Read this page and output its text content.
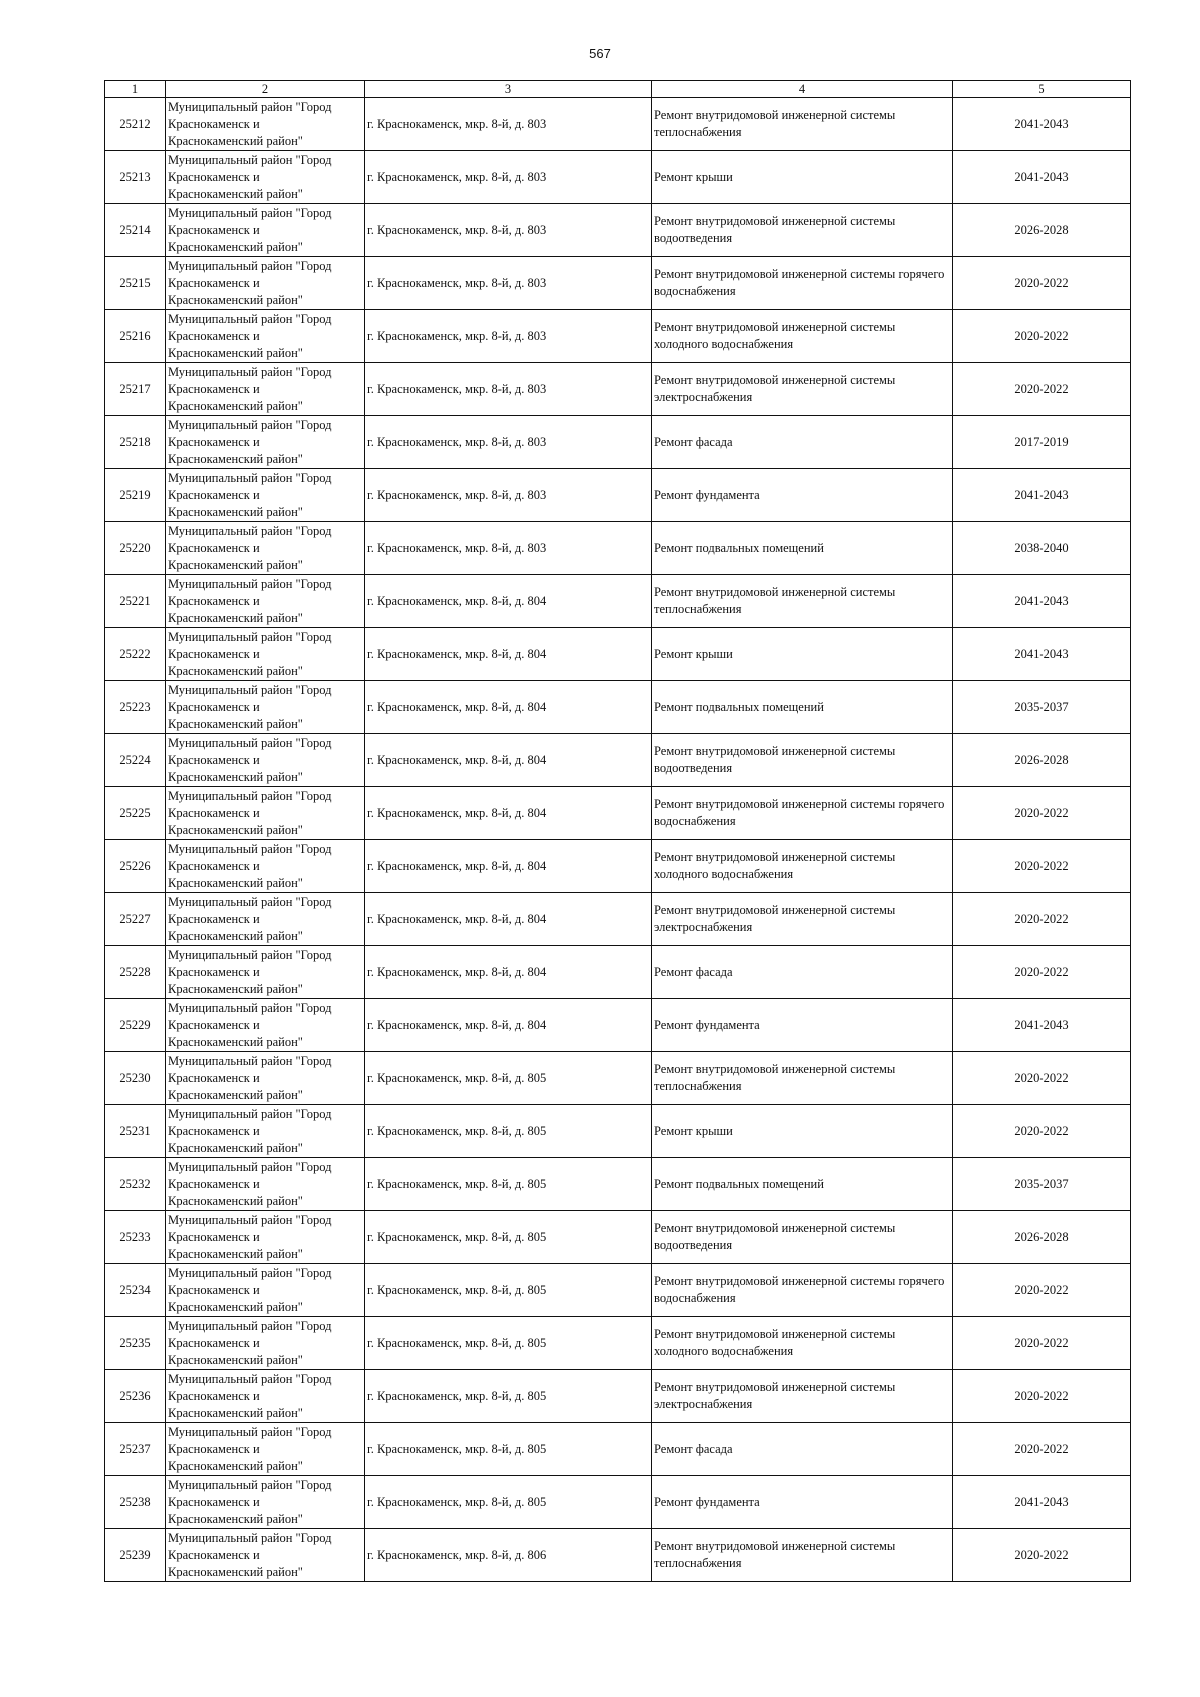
567
1	2	3	4	5
25212	Муниципальный район "Город
Краснокаменск и
Краснокаменский район"	г. Краснокаменск, мкр. 8-й, д. 803	Ремонт внутридомовой инженерной системы теплоснабжения	2041-2043
25213	Муниципальный район "Город
Краснокаменск и
Краснокаменский район"	г. Краснокаменск, мкр. 8-й, д. 803	Ремонт крыши	2041-2043
25214	Муниципальный район "Город
Краснокаменск и
Краснокаменский район"	г. Краснокаменск, мкр. 8-й, д. 803	Ремонт внутридомовой инженерной системы водоотведения	2026-2028
25215	Муниципальный район "Город
Краснокаменск и
Краснокаменский район"	г. Краснокаменск, мкр. 8-й, д. 803	Ремонт внутридомовой инженерной системы горячего водоснабжения	2020-2022
25216	Муниципальный район "Город
Краснокаменск и
Краснокаменский район"	г. Краснокаменск, мкр. 8-й, д. 803	Ремонт внутридомовой инженерной системы холодного водоснабжения	2020-2022
25217	Муниципальный район "Город
Краснокаменск и
Краснокаменский район"	г. Краснокаменск, мкр. 8-й, д. 803	Ремонт внутридомовой инженерной системы электроснабжения	2020-2022
25218	Муниципальный район "Город
Краснокаменск и
Краснокаменский район"	г. Краснокаменск, мкр. 8-й, д. 803	Ремонт фасада	2017-2019
25219	Муниципальный район "Город
Краснокаменск и
Краснокаменский район"	г. Краснокаменск, мкр. 8-й, д. 803	Ремонт фундамента	2041-2043
25220	Муниципальный район "Город
Краснокаменск и
Краснокаменский район"	г. Краснокаменск, мкр. 8-й, д. 803	Ремонт подвальных помещений	2038-2040
25221	Муниципальный район "Город
Краснокаменск и
Краснокаменский район"	г. Краснокаменск, мкр. 8-й, д. 804	Ремонт внутридомовой инженерной системы теплоснабжения	2041-2043
25222	Муниципальный район "Город
Краснокаменск и
Краснокаменский район"	г. Краснокаменск, мкр. 8-й, д. 804	Ремонт крыши	2041-2043
25223	Муниципальный район "Город
Краснокаменск и
Краснокаменский район"	г. Краснокаменск, мкр. 8-й, д. 804	Ремонт подвальных помещений	2035-2037
25224	Муниципальный район "Город
Краснокаменск и
Краснокаменский район"	г. Краснокаменск, мкр. 8-й, д. 804	Ремонт внутридомовой инженерной системы водоотведения	2026-2028
25225	Муниципальный район "Город
Краснокаменск и
Краснокаменский район"	г. Краснокаменск, мкр. 8-й, д. 804	Ремонт внутридомовой инженерной системы горячего водоснабжения	2020-2022
25226	Муниципальный район "Город
Краснокаменск и
Краснокаменский район"	г. Краснокаменск, мкр. 8-й, д. 804	Ремонт внутридомовой инженерной системы холодного водоснабжения	2020-2022
25227	Муниципальный район "Город
Краснокаменск и
Краснокаменский район"	г. Краснокаменск, мкр. 8-й, д. 804	Ремонт внутридомовой инженерной системы электроснабжения	2020-2022
25228	Муниципальный район "Город
Краснокаменск и
Краснокаменский район"	г. Краснокаменск, мкр. 8-й, д. 804	Ремонт фасада	2020-2022
25229	Муниципальный район "Город
Краснокаменск и
Краснокаменский район"	г. Краснокаменск, мкр. 8-й, д. 804	Ремонт фундамента	2041-2043
25230	Муниципальный район "Город
Краснокаменск и
Краснокаменский район"	г. Краснокаменск, мкр. 8-й, д. 805	Ремонт внутридомовой инженерной системы теплоснабжения	2020-2022
25231	Муниципальный район "Город
Краснокаменск и
Краснокаменский район"	г. Краснокаменск, мкр. 8-й, д. 805	Ремонт крыши	2020-2022
25232	Муниципальный район "Город
Краснокаменск и
Краснокаменский район"	г. Краснокаменск, мкр. 8-й, д. 805	Ремонт подвальных помещений	2035-2037
25233	Муниципальный район "Город
Краснокаменск и
Краснокаменский район"	г. Краснокаменск, мкр. 8-й, д. 805	Ремонт внутридомовой инженерной системы водоотведения	2026-2028
25234	Муниципальный район "Город
Краснокаменск и
Краснокаменский район"	г. Краснокаменск, мкр. 8-й, д. 805	Ремонт внутридомовой инженерной системы горячего водоснабжения	2020-2022
25235	Муниципальный район "Город
Краснокаменск и
Краснокаменский район"	г. Краснокаменск, мкр. 8-й, д. 805	Ремонт внутридомовой инженерной системы холодного водоснабжения	2020-2022
25236	Муниципальный район "Город
Краснокаменск и
Краснокаменский район"	г. Краснокаменск, мкр. 8-й, д. 805	Ремонт внутридомовой инженерной системы электроснабжения	2020-2022
25237	Муниципальный район "Город
Краснокаменск и
Краснокаменский район"	г. Краснокаменск, мкр. 8-й, д. 805	Ремонт фасада	2020-2022
25238	Муниципальный район "Город
Краснокаменск и
Краснокаменский район"	г. Краснокаменск, мкр. 8-й, д. 805	Ремонт фундамента	2041-2043
25239	Муниципальный район "Город
Краснокаменск и
Краснокаменский район"	г. Краснокаменск, мкр. 8-й, д. 806	Ремонт внутридомовой инженерной системы теплоснабжения	2020-2022
